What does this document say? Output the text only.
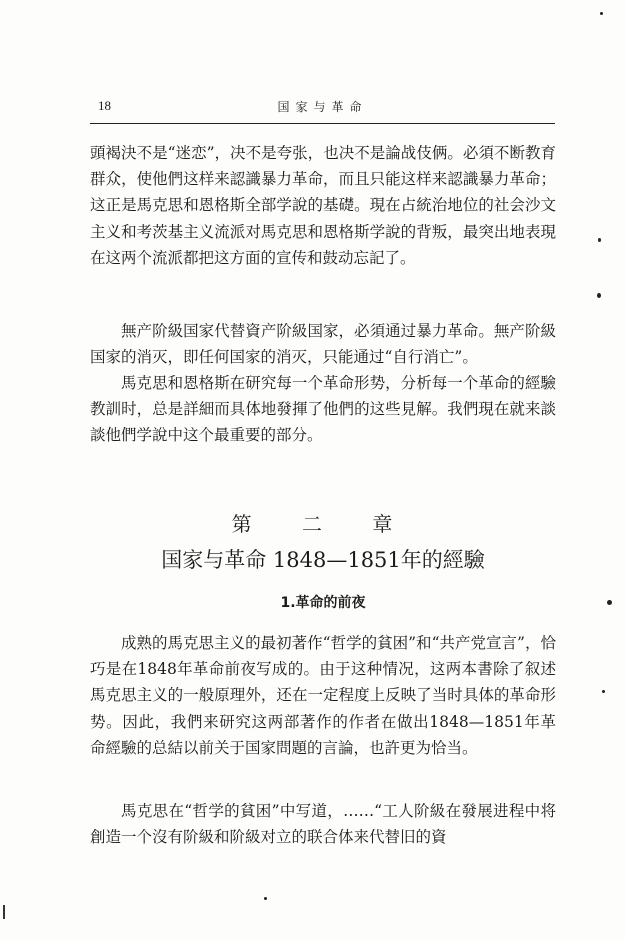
18	国家与革命

頭褐決不是“迷恋”，决不是夸张，也决不是論战伎俩。必須不断教育群众，使他們这样来認識暴力革命，而且只能这样来認識暴力革命；这正是馬克思和恩格斯全部学說的基礎。現在占統治地位的社会沙文主义和考茨基主义流派对馬克思和恩格斯学說的背叛，最突出地表現在这两个流派都把这方面的宣传和鼓动忘記了。

無产阶級国家代替資产阶級国家，必須通过暴力革命。無产阶級国家的消灭，即任何国家的消灭，只能通过“自行消亡”。

馬克思和恩格斯在研究每一个革命形势，分析每一个革命的經驗教訓时，总是詳細而具体地發揮了他們的这些見解。我們現在就来談談他們学說中这个最重要的部分。

第 二 章
国家与革命 1848—1851年的經驗
1.革命的前夜

成熟的馬克思主义的最初著作“哲学的貧困”和“共产党宣言”，恰巧是在1848年革命前夜写成的。由于这种情况，这两本書除了叙述馬克思主义的一般原理外，还在一定程度上反映了当时具体的革命形势。因此，我們来研究这两部著作的作者在做出1848—1851年革命經驗的总結以前关于国家問題的言論，也許更为恰当。

馬克思在“哲学的貧困”中写道，……“工人阶級在發展进程中将創造一个沒有阶級和阶級对立的联合体来代替旧的資
